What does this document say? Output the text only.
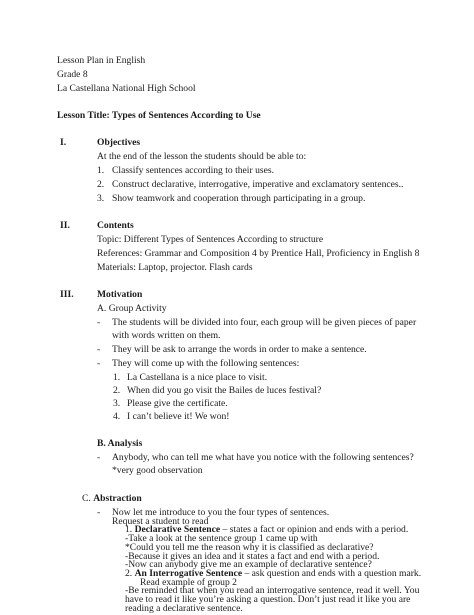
Lesson Plan in English
Grade 8
La Castellana National High School
Lesson Title: Types of Sentences According to Use
I.	Objectives
At the end of the lesson the students should be able to:
1. Classify sentences according to their uses.
2. Construct declarative, interrogative, imperative and exclamatory sentences..
3. Show teamwork and cooperation through participating in a group.
II.	Contents
Topic: Different Types of Sentences According to structure
References: Grammar and Composition 4 by Prentice Hall, Proficiency in English 8
Materials: Laptop, projector. Flash cards
III. Motivation
A. Group Activity
- The students will be divided into four, each group will be given pieces of paper
with words written on them.
- They will be ask to arrange the words in order to make a sentence.
- They will come up with the following sentences:
1. La Castellana is a nice place to visit.
2. When did you go visit the Bailes de luces festival?
3. Please give the certificate.
4. I can’t believe it! We won!
B. Analysis
- Anybody, who can tell me what have you notice with the following sentences?
*very good observation
C. Abstraction
- Now let me introduce to you the four types of sentences.
Request a student to read
1. Declarative Sentence – states a fact or opinion and ends with a period.
-Take a look at the sentence group 1 came up with
*Could you tell me the reason why it is classified as declarative?
-Because it gives an idea and it states a fact and end with a period.
-Now can anybody give me an example of declarative sentence?
2. An Interrogative Sentence – ask question and ends with a question mark.
Read example of group 2
-Be reminded that when you read an interrogative sentence, read it well. You
have to read it like you’re asking a question. Don’t just read it like you are
reading a declarative sentence.
